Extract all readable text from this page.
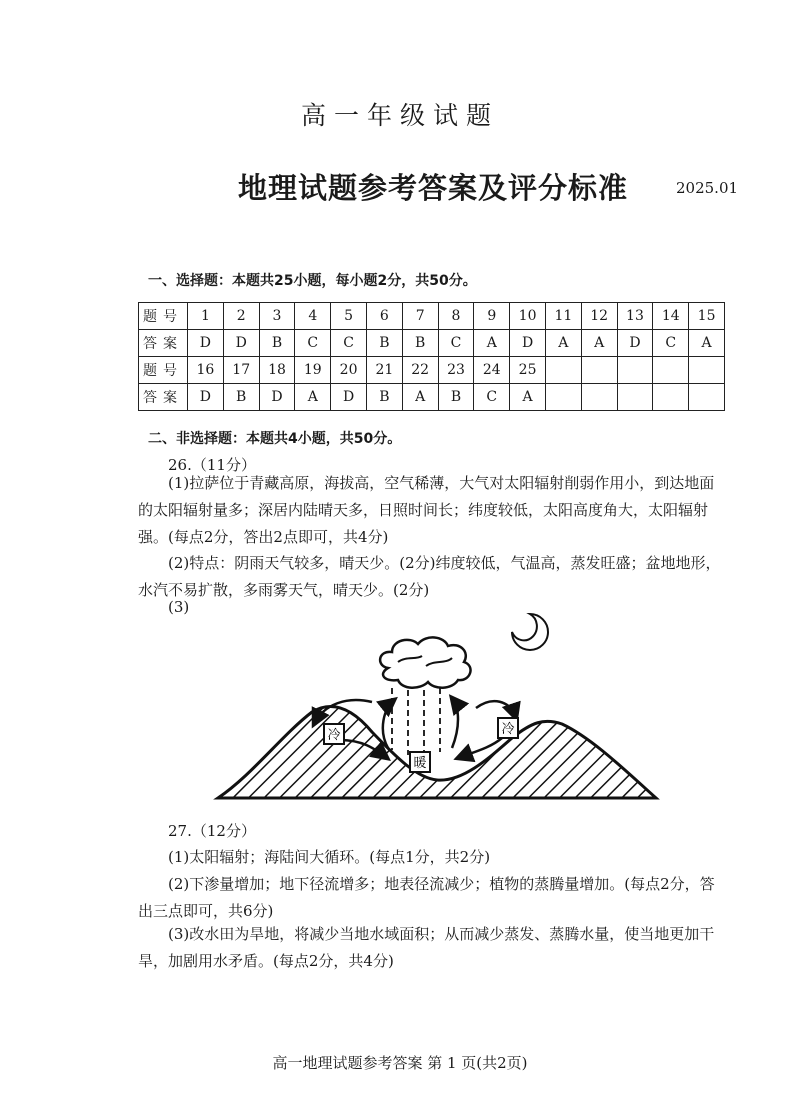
高一年级试题
地理试题参考答案及评分标准	2025.01
一、选择题：本题共25小题，每小题2分，共50分。
题号	1	2	3	4	5	6	7	8	9	10	11	12	13	14	15
答案	D	D	B	C	C	B	B	C	A	D	A	A	D	C	A
题号	16	17	18	19	20	21	22	23	24	25					
答案	D	B	D	A	D	B	A	B	C	A					
二、非选择题：本题共4小题，共50分。
26.（11分）
(1)拉萨位于青藏高原，海拔高，空气稀薄，大气对太阳辐射削弱作用小，到达地面的太阳辐射量多；深居内陆晴天多，日照时间长；纬度较低，太阳高度角大，太阳辐射强。(每点2分，答出2点即可，共4分)
(2)特点：阴雨天气较多，晴天少。(2分)纬度较低，气温高，蒸发旺盛；盆地地形，水汽不易扩散，多雨雾天气，晴天少。(2分)
(3)
冷
暖
冷
27.（12分）
(1)太阳辐射；海陆间大循环。(每点1分，共2分)
(2)下渗量增加；地下径流增多；地表径流减少；植物的蒸腾量增加。(每点2分，答出三点即可，共6分)
(3)改水田为旱地，将减少当地水域面积；从而减少蒸发、蒸腾水量，使当地更加干旱，加剧用水矛盾。(每点2分，共4分)
高一地理试题参考答案 第 1 页(共2页)
